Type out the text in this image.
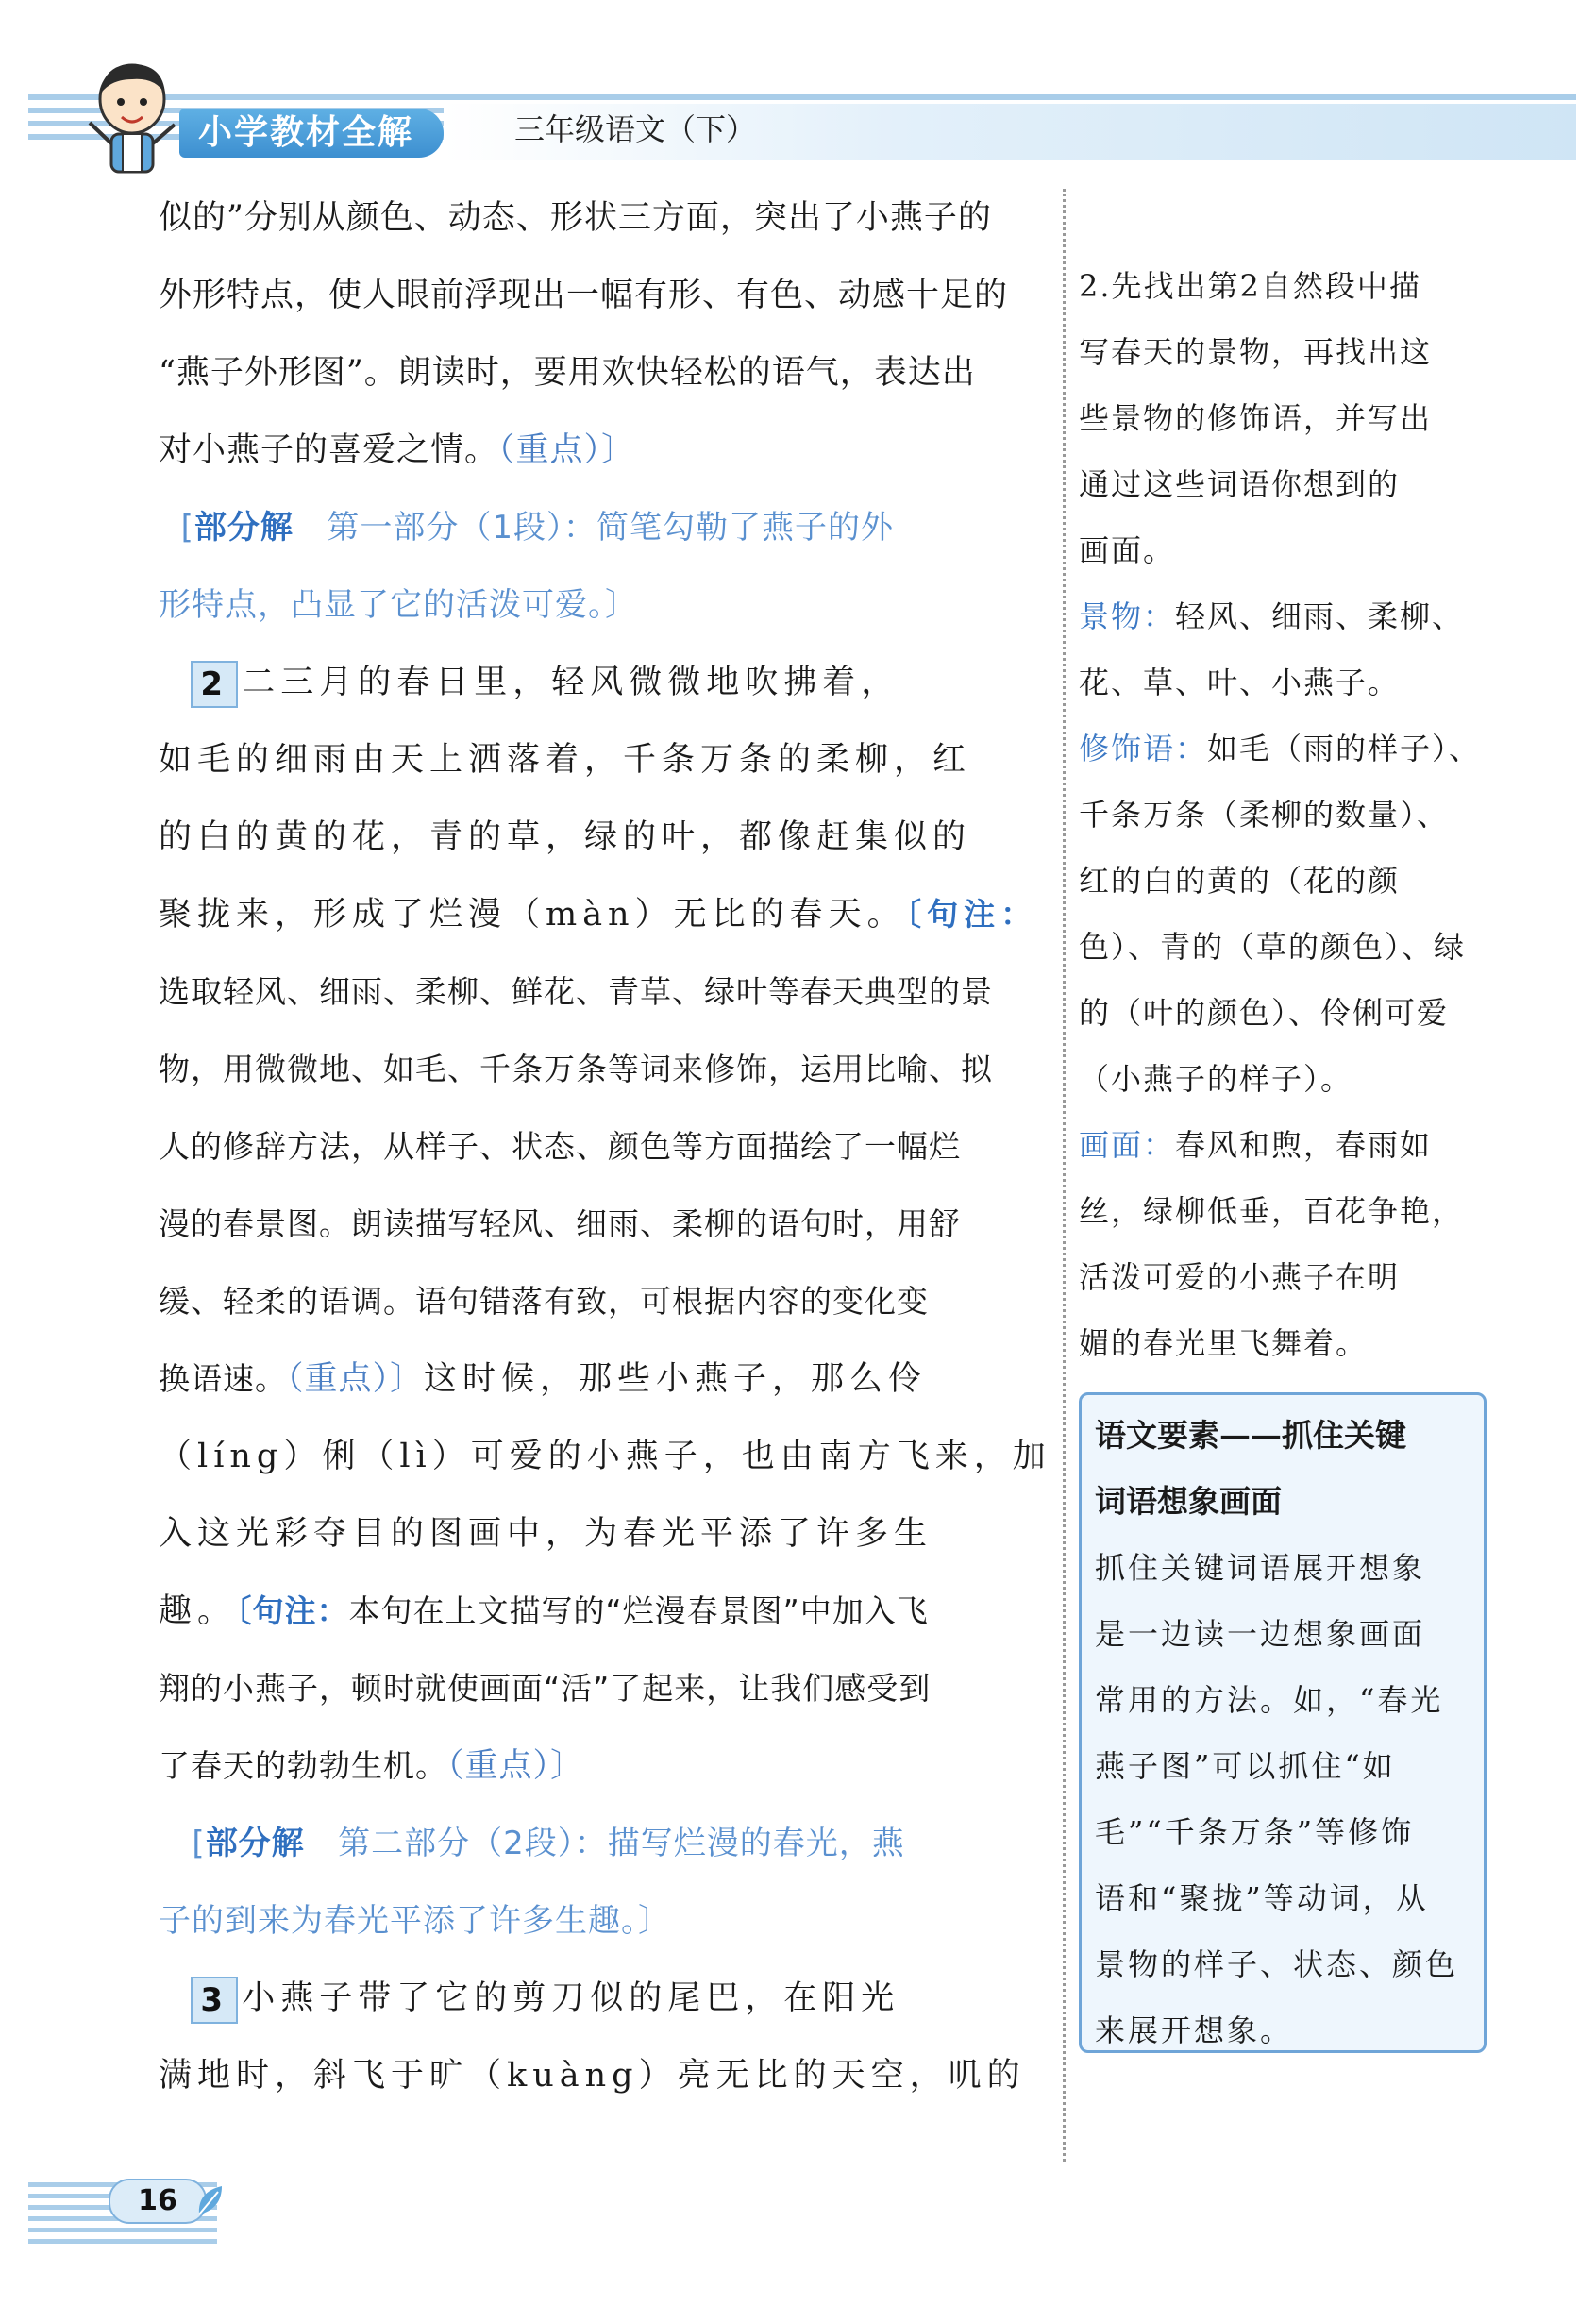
小学教材全解	三年级语文（下）
似的”分别从颜色、动态、形状三方面，突出了小燕子的
外形特点，使人眼前浮现出一幅有形、有色、动感十足的
“燕子外形图”。朗读时，要用欢快轻松的语气，表达出
对小燕子的喜爱之情。（重点）〕
[部分解 第一部分（1段）：简笔勾勒了燕子的外
形特点，凸显了它的活泼可爱。〕
2 二三月的春日里，轻风微微地吹拂着，
如毛的细雨由天上洒落着，千条万条的柔柳，红
的白的黄的花，青的草，绿的叶，都像赶集似的
聚拢来，形成了烂漫（màn）无比的春天。〔句注：
选取轻风、细雨、柔柳、鲜花、青草、绿叶等春天典型的景
物，用微微地、如毛、千条万条等词来修饰，运用比喻、拟
人的修辞方法，从样子、状态、颜色等方面描绘了一幅烂
漫的春景图。朗读描写轻风、细雨、柔柳的语句时，用舒
缓、轻柔的语调。语句错落有致，可根据内容的变化变
换语速。（重点）〕这时候，那些小燕子，那么伶
（líng）俐（lì）可爱的小燕子，也由南方飞来，加
入这光彩夺目的图画中，为春光平添了许多生
趣。〔句注：本句在上文描写的“烂漫春景图”中加入飞
翔的小燕子，顿时就使画面“活”了起来，让我们感受到
了春天的勃勃生机。（重点）〕
[部分解 第二部分（2段）：描写烂漫的春光，燕
子的到来为春光平添了许多生趣。〕
3 小燕子带了它的剪刀似的尾巴，在阳光
满地时，斜飞于旷（kuàng）亮无比的天空，叽的
2.先找出第2自然段中描
写春天的景物，再找出这
些景物的修饰语，并写出
通过这些词语你想到的
画面。
景物：轻风、细雨、柔柳、
花、草、叶、小燕子。
修饰语：如毛（雨的样子）、
千条万条（柔柳的数量）、
红的白的黄的（花的颜
色）、青的（草的颜色）、绿
的（叶的颜色）、伶俐可爱
（小燕子的样子）。
画面：春风和煦，春雨如
丝，绿柳低垂，百花争艳，
活泼可爱的小燕子在明
媚的春光里飞舞着。
语文要素——抓住关键
词语想象画面
抓住关键词语展开想象
是一边读一边想象画面
常用的方法。如，“春光
燕子图”可以抓住“如
毛”“千条万条”等修饰
语和“聚拢”等动词，从
景物的样子、状态、颜色
来展开想象。
16
